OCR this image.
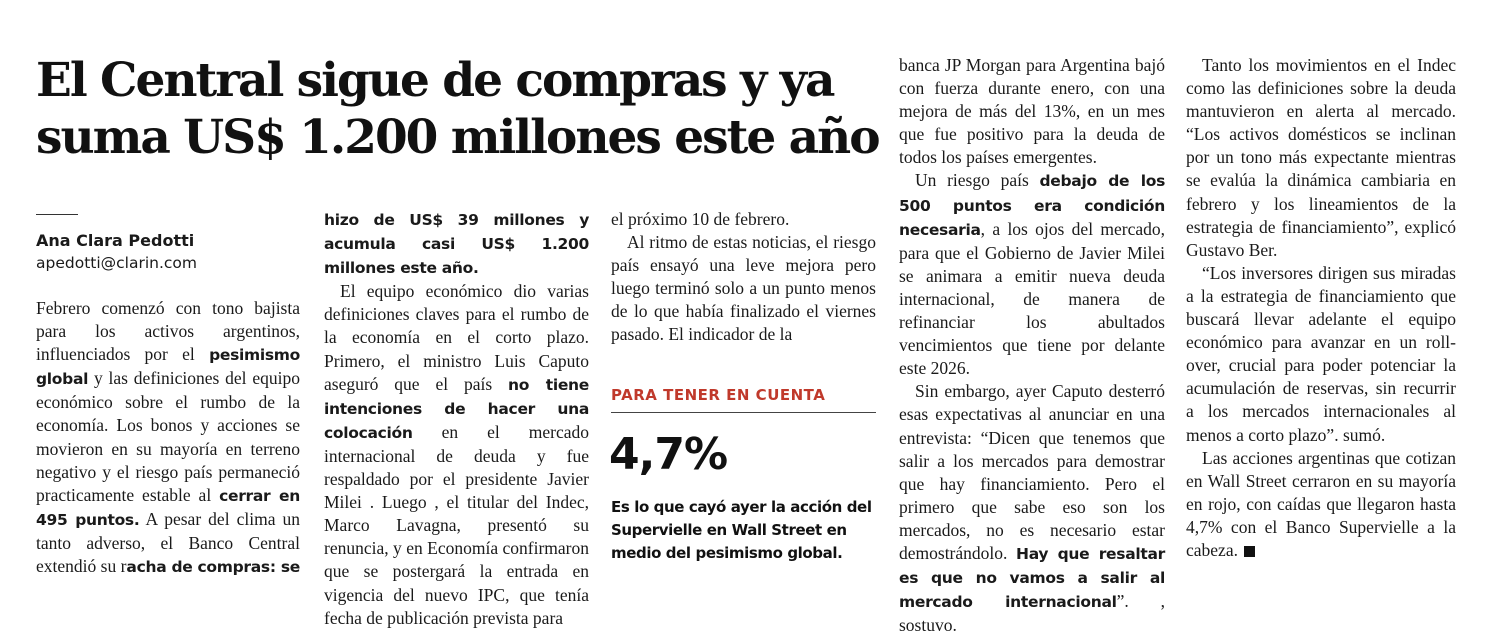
El Central sigue de compras y ya
suma US$ 1.200 millones este año
Ana Clara Pedotti
apedotti@clarin.com

Febrero comenzó con tono bajista para los activos argentinos, influenciados por el pesimismo global y las definiciones del equipo económico sobre el rumbo de la economía. Los bonos y acciones se movieron en su mayoría en terreno negativo y el riesgo país permaneció practicamente estable al cerrar en 495 puntos. A pesar del clima un tanto adverso, el Banco Central extendió su racha de compras: se

hizo de US$ 39 millones y acumula casi US$ 1.200 millones este año.

El equipo económico dio varias definiciones claves para el rumbo de la economía en el corto plazo. Primero, el ministro Luis Caputo aseguró que el país no tiene intenciones de hacer una colocación en el mercado internacional de deuda y fue respaldado por el presidente Javier Milei . Luego , el titular del Indec, Marco Lavagna, presentó su renuncia, y en Economía confirmaron que se postergará la entrada en vigencia del nuevo IPC, que tenía fecha de publicación prevista para

el próximo 10 de febrero.

Al ritmo de estas noticias, el riesgo país ensayó una leve mejora pero luego terminó solo a un punto menos de lo que había finalizado el viernes pasado. El indicador de la

PARA TENER EN CUENTA
4,7%
Es lo que cayó ayer la acción del Supervielle en Wall Street en medio del pesimismo global.

banca JP Morgan para Argentina bajó con fuerza durante enero, con una mejora de más del 13%, en un mes que fue positivo para la deuda de todos los países emergentes.

Un riesgo país debajo de los 500 puntos era condición necesaria, a los ojos del mercado, para que el Gobierno de Javier Milei se animara a emitir nueva deuda internacional, de manera de refinanciar los abultados vencimientos que tiene por delante este 2026.

Sin embargo, ayer Caputo desterró esas expectativas al anunciar en una entrevista: “Dicen que tenemos que salir a los mercados para demostrar que hay financiamiento. Pero el primero que sabe eso son los mercados, no es necesario estar demostrándolo. Hay que resaltar es que no vamos a salir al mercado internacional”. , sostuvo.

Tanto los movimientos en el Indec como las definiciones sobre la deuda mantuvieron en alerta al mercado. “Los activos domésticos se inclinan por un tono más expectante mientras se evalúa la dinámica cambiaria en febrero y los lineamientos de la estrategia de financiamiento”, explicó Gustavo Ber.

“Los inversores dirigen sus miradas a la estrategia de financiamiento que buscará llevar adelante el equipo económico para avanzar en un roll-over, crucial para poder potenciar la acumulación de reservas, sin recurrir a los mercados internacionales al menos a corto plazo”. sumó.

Las acciones argentinas que cotizan en Wall Street cerraron en su mayoría en rojo, con caídas que llegaron hasta 4,7% con el Banco Supervielle a la cabeza.
